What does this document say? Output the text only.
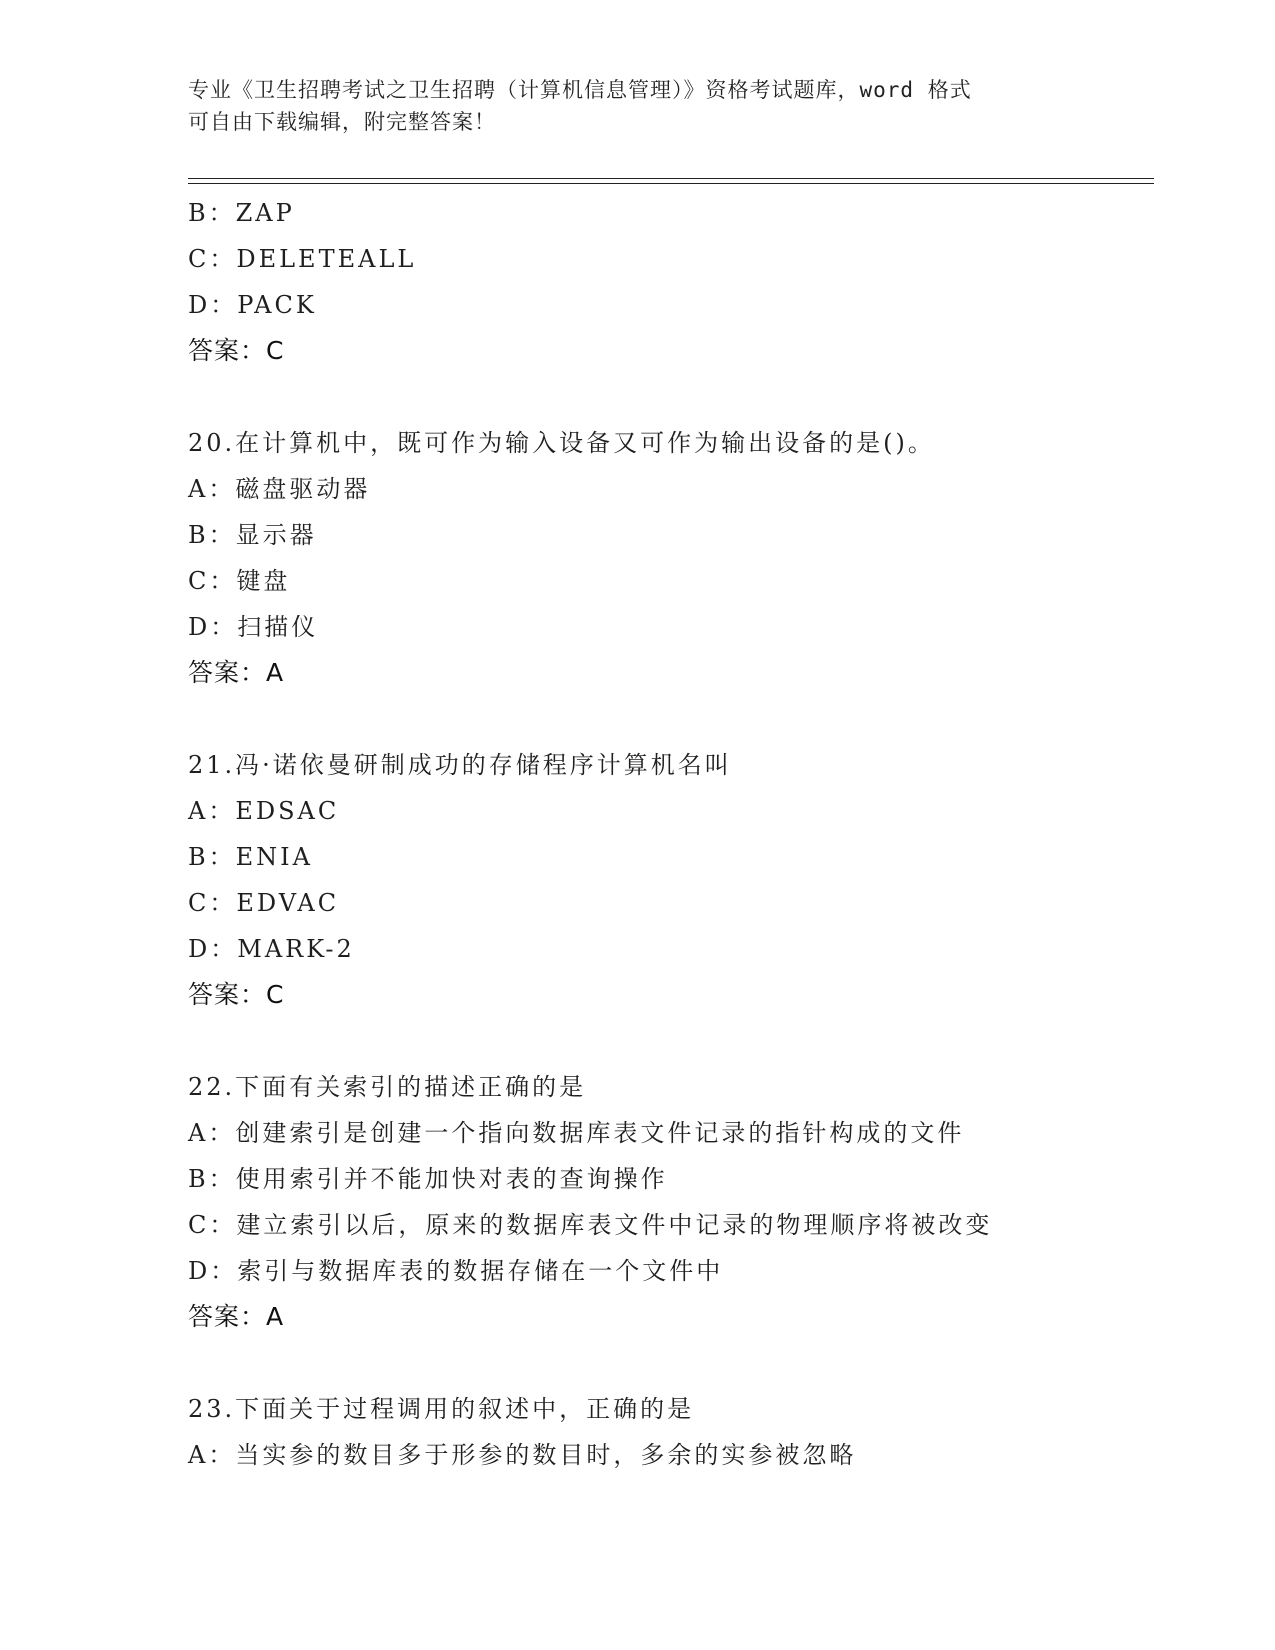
专业《卫生招聘考试之卫生招聘（计算机信息管理）》资格考试题库，word 格式
可自由下载编辑，附完整答案！
B：ZAP
C：DELETEALL
D：PACK
答案：C
20.在计算机中，既可作为输入设备又可作为输出设备的是()。
A：磁盘驱动器
B：显示器
C：键盘
D：扫描仪
答案：A
21.冯·诺依曼研制成功的存储程序计算机名叫
A：EDSAC
B：ENIA
C：EDVAC
D：MARK-2
答案：C
22.下面有关索引的描述正确的是
A：创建索引是创建一个指向数据库表文件记录的指针构成的文件
B：使用索引并不能加快对表的查询操作
C：建立索引以后，原来的数据库表文件中记录的物理顺序将被改变
D：索引与数据库表的数据存储在一个文件中
答案：A
23.下面关于过程调用的叙述中，正确的是
A：当实参的数目多于形参的数目时，多余的实参被忽略
